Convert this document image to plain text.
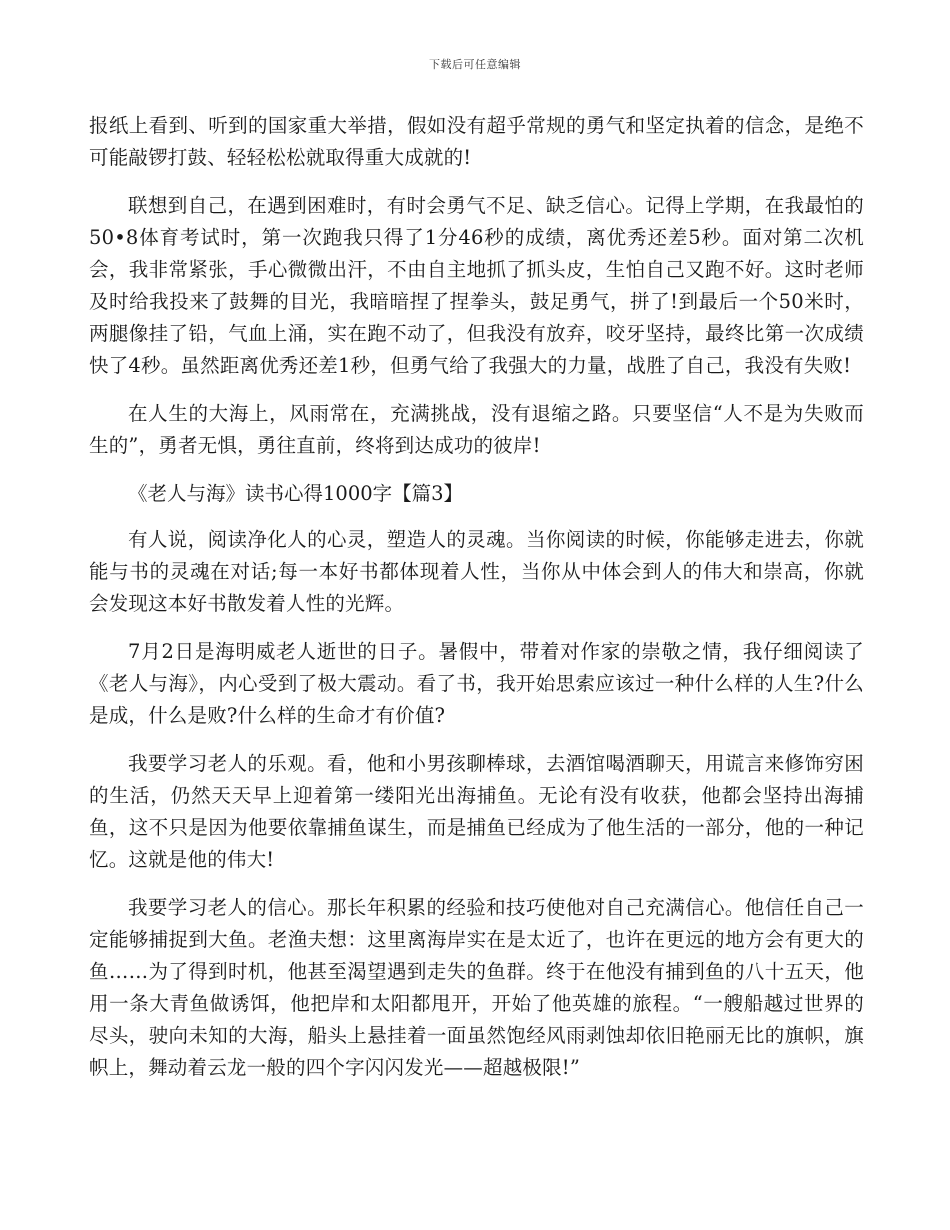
下载后可任意编辑

报纸上看到、听到的国家重大举措，假如没有超乎常规的勇气和坚定执着的信念，是绝不可能敲锣打鼓、轻轻松松就取得重大成就的!

联想到自己，在遇到困难时，有时会勇气不足、缺乏信心。记得上学期，在我最怕的50•8体育考试时，第一次跑我只得了1分46秒的成绩，离优秀还差5秒。面对第二次机会，我非常紧张，手心微微出汗，不由自主地抓了抓头皮，生怕自己又跑不好。这时老师及时给我投来了鼓舞的目光，我暗暗捏了捏拳头，鼓足勇气，拼了!到最后一个50米时，两腿像挂了铅，气血上涌，实在跑不动了，但我没有放弃，咬牙坚持，最终比第一次成绩快了4秒。虽然距离优秀还差1秒，但勇气给了我强大的力量，战胜了自己，我没有失败!

在人生的大海上，风雨常在，充满挑战，没有退缩之路。只要坚信“人不是为失败而生的”，勇者无惧，勇往直前，终将到达成功的彼岸!

《老人与海》读书心得1000字【篇3】

有人说，阅读净化人的心灵，塑造人的灵魂。当你阅读的时候，你能够走进去，你就能与书的灵魂在对话;每一本好书都体现着人性，当你从中体会到人的伟大和崇高，你就会发现这本好书散发着人性的光辉。

7月2日是海明威老人逝世的日子。暑假中，带着对作家的崇敬之情，我仔细阅读了《老人与海》，内心受到了极大震动。看了书，我开始思索应该过一种什么样的人生?什么是成，什么是败?什么样的生命才有价值?

我要学习老人的乐观。看，他和小男孩聊棒球，去酒馆喝酒聊天，用谎言来修饰穷困的生活，仍然天天早上迎着第一缕阳光出海捕鱼。无论有没有收获，他都会坚持出海捕鱼，这不只是因为他要依靠捕鱼谋生，而是捕鱼已经成为了他生活的一部分，他的一种记忆。这就是他的伟大!

我要学习老人的信心。那长年积累的经验和技巧使他对自己充满信心。他信任自己一定能够捕捉到大鱼。老渔夫想：这里离海岸实在是太近了，也许在更远的地方会有更大的鱼……为了得到时机，他甚至渴望遇到走失的鱼群。终于在他没有捕到鱼的八十五天，他用一条大青鱼做诱饵，他把岸和太阳都甩开，开始了他英雄的旅程。“一艘船越过世界的尽头，驶向未知的大海，船头上悬挂着一面虽然饱经风雨剥蚀却依旧艳丽无比的旗帜，旗帜上，舞动着云龙一般的四个字闪闪发光——超越极限!”
